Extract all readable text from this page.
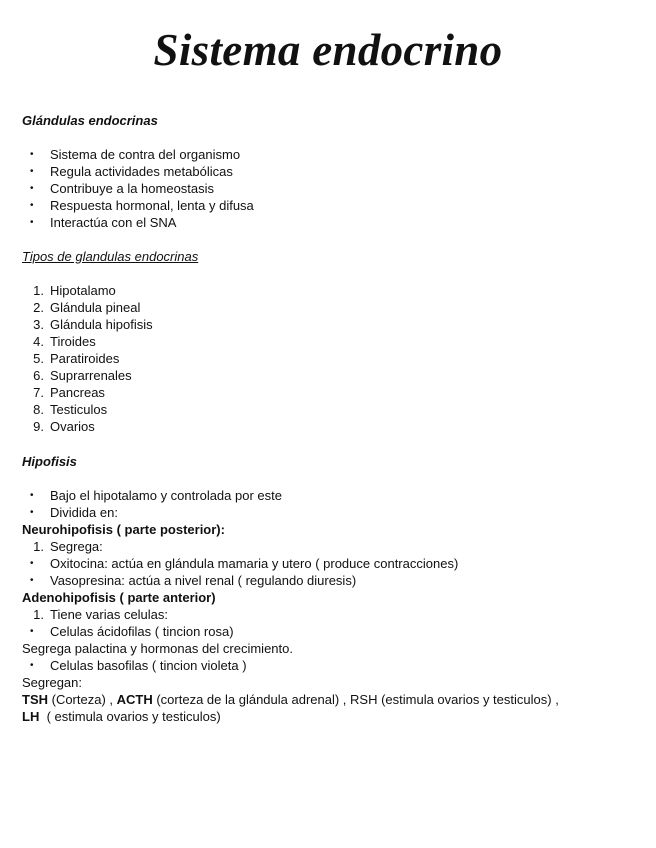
Sistema endocrino

Glándulas endocrinas

• Sistema de contra del organismo
• Regula actividades metabólicas
• Contribuye a la homeostasis
• Respuesta hormonal, lenta y difusa
• Interactúa con el SNA

Tipos de glandulas endocrinas

1. Hipotalamo
2. Glándula pineal
3. Glándula hipofisis
4. Tiroides
5. Paratiroides
6. Suprarrenales
7. Pancreas
8. Testiculos
9. Ovarios

Hipofisis

• Bajo el hipotalamo y controlada por este
• Dividida en:

Neurohipofisis ( parte posterior):

1. Segrega:
• Oxitocina: actúa en glándula mamaria y utero ( produce contracciones)
• Vasopresina: actúa a nivel renal ( regulando diuresis)

Adenohipofisis ( parte anterior)

1. Tiene varias celulas:
• Celulas ácidofilas ( tincion rosa)

Segrega palactina y hormonas del crecimiento.

• Celulas basofilas ( tincion violeta )

Segregan:

TSH (Corteza) , ACTH (corteza de la glándula adrenal) , RSH (estimula ovarios y testiculos) ,
LH  ( estimula ovarios y testiculos)
